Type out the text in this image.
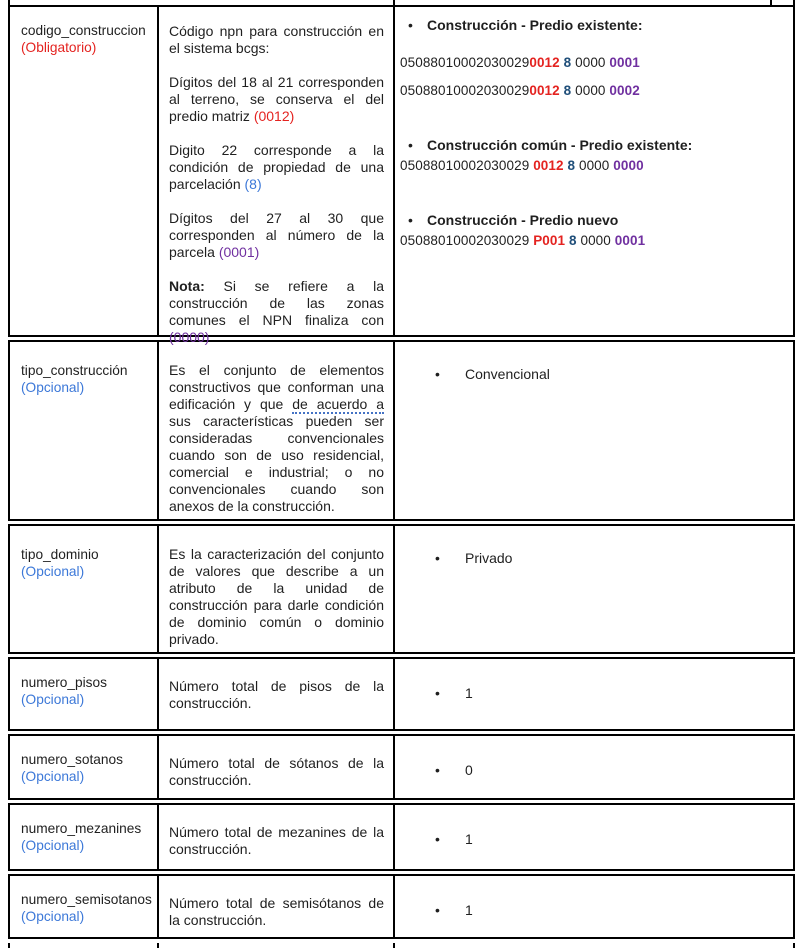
codigo_construccion
(Obligatorio)

Código npn para construcción en el sistema bcgs:

Dígitos del 18 al 21 corresponden al terreno, se conserva el del predio matriz (0012)

Digito 22 corresponde a la condición de propiedad de una parcelación (8)

Dígitos del 27 al 30 que corresponden al número de la parcela (0001)

Nota: Si se refiere a la construcción de las zonas comunes el NPN finaliza con (0000)

•	Construcción - Predio existente:
050880100020300290012 8 0000 0001
050880100020300290012 8 0000 0002
•	Construcción común - Predio existente:
05088010002030029 0012 8 0000 0000
•	Construcción - Predio nuevo
05088010002030029 P001 8 0000 0001
tipo_construcción
(Opcional)

Es el conjunto de elementos constructivos que conforman una edificación y que de acuerdo a sus características pueden ser consideradas convencionales cuando son de uso residencial, comercial e industrial; o no convencionales cuando son anexos de la construcción.

•	Convencional
tipo_dominio
(Opcional)

Es la caracterización del conjunto de valores que describe a un atributo de la unidad de construcción para darle condición de dominio común o dominio privado.

•	Privado
numero_pisos
(Opcional)

Número total de pisos de la construcción.

•	1
numero_sotanos
(Opcional)

Número total de sótanos de la construcción.

•	0
numero_mezanines
(Opcional)

Número total de mezanines de la construcción.

•	1
numero_semisotanos
(Opcional)

Número total de semisótanos de la construcción.

•	1
